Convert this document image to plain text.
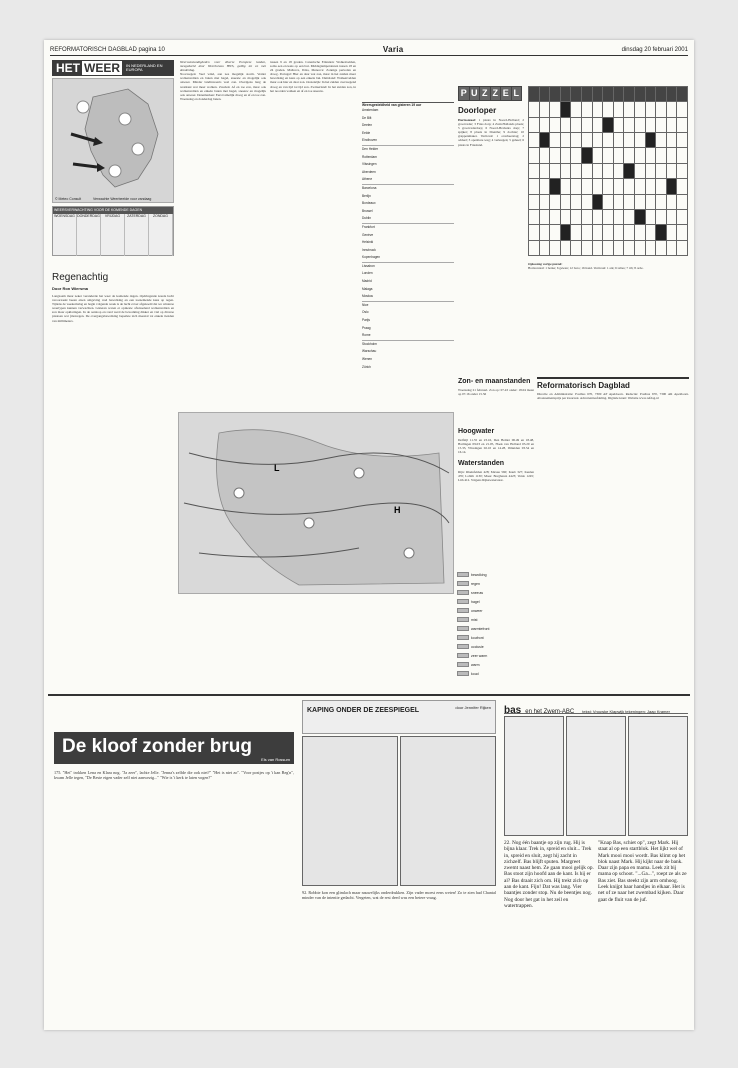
REFORMATORISCH DAGBLAD pagina 10	Varia	dinsdag 20 februari 2001
HET WEER	IN NEDERLAND EN EUROPA
© Meteo Consult	Verwachte Weerbeelde voor vandaag
WEERSVERWACHTING VOOR DE KOMENDE DAGEN
WOENSDAG DONDERDAG	VRIJDAG	ZATERDAG	ZONDAG
Weersomstandigheden voor diverse Europese landen, meegedeeld door Weerbureau HWS, geldig tot en met donderdag.
Noorwegen: Veel wind, aan zee mogelijk storm. Verder wolkenvelden en buien met hagel, sneeuw en mogelijk ook onweer. Minder landinwaarts veel zon. Overigens lang de westkust wat meer wolken. Zweden: Af en toe zon, maar ook wolkenvelden en enkele buien met hagel, sneeuw en mogelijk ook onweer. Denemarken: Eerst tamelijk droog en af en toe zon. Woensdag en donderdag buien.
tussen 9 en 18 graden. Canarische Eilanden: Wolkenvelden, soms een en kans op een bui. Middagtemperaturen tussen 18 en 24 graden. Mallorca, Ibiza, Menorca: Zonnige perioden en droog. Portugal: Hier en daar wat zon, maar in het zuiden meer bewolking en kans op een enkele bui. Duitsland: Wolkenvelden maar ook hier en daar zon. Oostenrijk: In het zuiden overwegend droog en van tijd tot tijd zon. Zwitserland: In het zuiden zon, in het noorden wolken en af en toe sneeuw.
Regenachtig
Door Ron Wiersma
Langzaam maar zeker veranderde het weer de komende dagen. Opdringende koude lucht veroorzaakt beeen eisen omgeving veel bewolking en een toenemende kans op regen. Tijdens de weekomslag en begin volgende week is de lucht zover afgekoeld dat we winterse weertypen kunnen verwachten. Gisteren waren er opnieuw afwisselend wolkenvelden en zon maar opklaringen. In de aanloop en rond werd de bewolking dikker en viel op diverse plaatsen wat (motregen. De overgangsbewolking beperkte zich meestal tot enkele tienden van millimeters.
Weersgesteldheid van gisteren 19 uur
Amsterdam
De Bilt
Deelen
Eelde
Eindhoven
Den Helder
Rotterdam
Vlissingen
Aberdeen
Athene
Barcelona
Berlijn
Bordeaux
Brussel
Dublin
Frankfort
Genève
Helsinki
Innsbruck
Kopenhagen
Lissabon
Londen
Madrid
Malaga
Moskou
Nice
Oslo
Parijs
Praag
Rome
Stockholm
Warschau
Wenen
Zürich
P U Z Z E L
Doorloper
Horizontaal: 1 plaats in Noord-Holland; 2 grootvader; 3 Fries dorp; 4 Zuid-Hollands plaats; 5 grootvaderdorp; 6 Noord-Brabants dorp; 7 spijker; 8 plaats in Drenthe; 9 dochter; 10 grappenmaker. Verticaal: 1 overheerstag; 2 oddeel; 3 openbare weg; 4 verkregen; 5 geheel; 6 plaats in Friesland.

Oplossing vorige puzzel:
Horizontaal: 1 berke; 6 gewen; 12 baro; 16 hand. Verticaal: 1 ani; 6 taltes; 7 rib; 8 orde.
Zon- en maanstanden
Woensdag 21 februari. Zon op: 07.43 onder: 18.04 maan op 07.16 onder 15.56
Hoogwater
Delfzijl 11.55 en 23.16, Den Helder 06.49 en 18.48, Harlingen 09.03 en 21.05, Hoek van Holland 03.20 en 15.33, Vlissingen 02.10 en 14.28, IJmuiden 03.54 en 16.14.
Waterstanden
Rijn: Rheinfelden 428; Maxau 560; Kaub 327; Keulen 476; Lobith 1130; Maas: Borgharen 4423; Venlo 1245; Lith 412. Volgens Rijkswaterstaat.
Reformatorisch Dagblad
Directie en Administratie: Postbus 670, 7300 AP Apeldoorn. Redactie: Postbus 670, 7300 AR Apeldoorn. Abonnementsprijs per kwartaal. Advertentieafdeling. Digitale krant: Website www.refdag.nl
L
H
bewolking
regen
sneeuw
hagel
onweer
mist
warmtefront
koufront
occlusie
zeer warm
warm
koud
De kloof zonder brug
Els van Rossum
175. "Het" trokken Lena en Klara nog. "Ja zeer", lachte Jelle. "Jenna's zelfde die ook niet?" "Het is niet zo". "Voor postjes op 't kan Beg'n", kwam Jelle tegen, "De Beste eigen vader zelf niet aanwezig..." "Wie is 't kerk te laten vogen?"
KAPING ONDER DE ZEESPIEGEL	door Jennifer Rijken
92. Robbie kon een glimlach maar nauwelijks onderdrukken. Zijn vader moest eens weten! Zo te zien had Chantal minder van de intentie gedacht. Vergeten, wat de rest deed was een betere vraag.
bas en het Zwem-ABC tekst: Vrouwke Klapwijk tekeningen: Jaap Kramer
22. Nog één baantje op zijn rug. Hij is bijna klaar. Trek in, spreid en sluit... Trek in, spreid en sluit, zegt hij zacht in zichzelf. Bas blijft sputen. Margreet zwemt naast hem. Ze gaan mooi gelijk op. Bas stoot zijn hoofd aan de kant. Is hij er al? Bas draait zich om. Hij trekt zich op aan de kant. Fijn! Dat was lang. Vier baantjes zonder stop. Nu de beentjes nog. Nog door het gat in het zeil en watertrappen.
"Knap Bas, schiet op", zegt Mark. Hij staat al op een startblok. Het lijkt wel of Mark mooi mooi wordt. Bas klimt op het blok naast Mark. Hij kijkt naar de bank. Daar zijn papa en mama. Leek zit bij mama op schoot. "...Ga...", roept ze als ze Bas ziet. Bas steekt zijn arm omhoog. Leek knijpt haar handjes in elkaar. Het is net of ze naar het zwembad kijken. Daar gaat de fluit van de juf.
